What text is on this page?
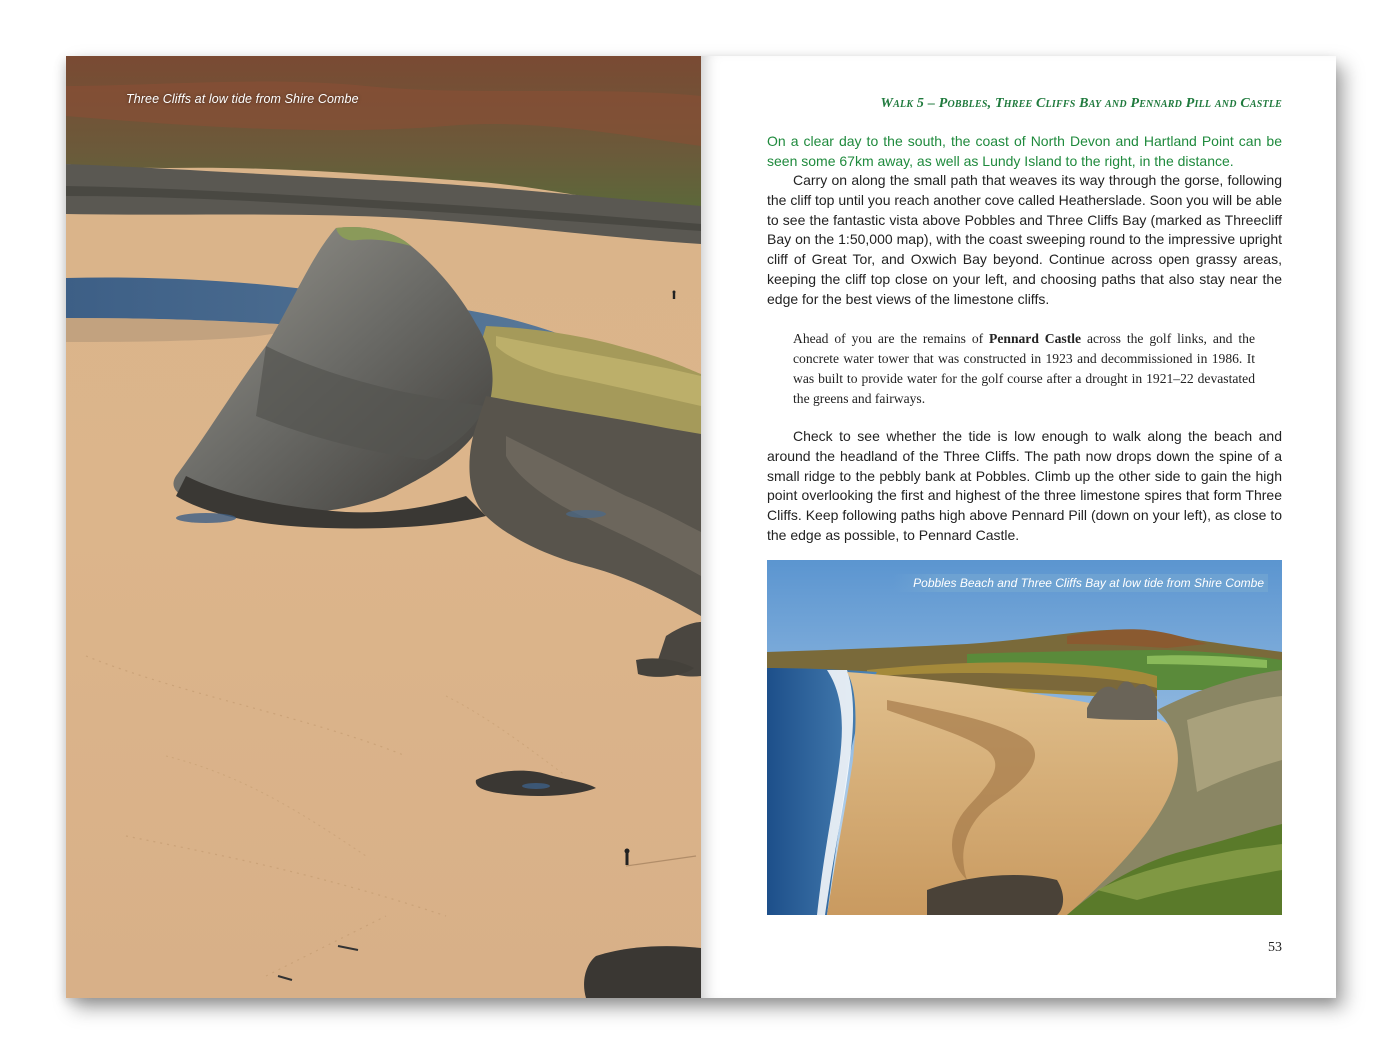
Three Cliffs at low tide from Shire Combe	Walk 5 – Pobbles, Three Cliffs Bay and Pennard Pill and Castle
On a clear day to the south, the coast of North Devon and Hartland Point can be seen some 67km away, as well as Lundy Island to the right, in the distance.
Carry on along the small path that weaves its way through the gorse, following the cliff top until you reach another cove called Heatherslade. Soon you will be able to see the fantastic vista above Pobbles and Three Cliffs Bay (marked as Threecliff Bay on the 1:50,000 map), with the coast sweeping round to the impressive upright cliff of Great Tor, and Oxwich Bay beyond. Continue across open grassy areas, keeping the cliff top close on your left, and choosing paths that also stay near the edge for the best views of the limestone cliffs.
Ahead of you are the remains of Pennard Castle across the golf links, and the concrete water tower that was constructed in 1923 and decommissioned in 1986. It was built to provide water for the golf course after a drought in 1921–22 devastated the greens and fairways.
Check to see whether the tide is low enough to walk along the beach and around the headland of the Three Cliffs. The path now drops down the spine of a small ridge to the pebbly bank at Pobbles. Climb up the other side to gain the high point overlooking the first and highest of the three limestone spires that form Three Cliffs. Keep following paths high above Pennard Pill (down on your left), as close to the edge as possible, to Pennard Castle.
Pobbles Beach and Three Cliffs Bay at low tide from Shire Combe
53
